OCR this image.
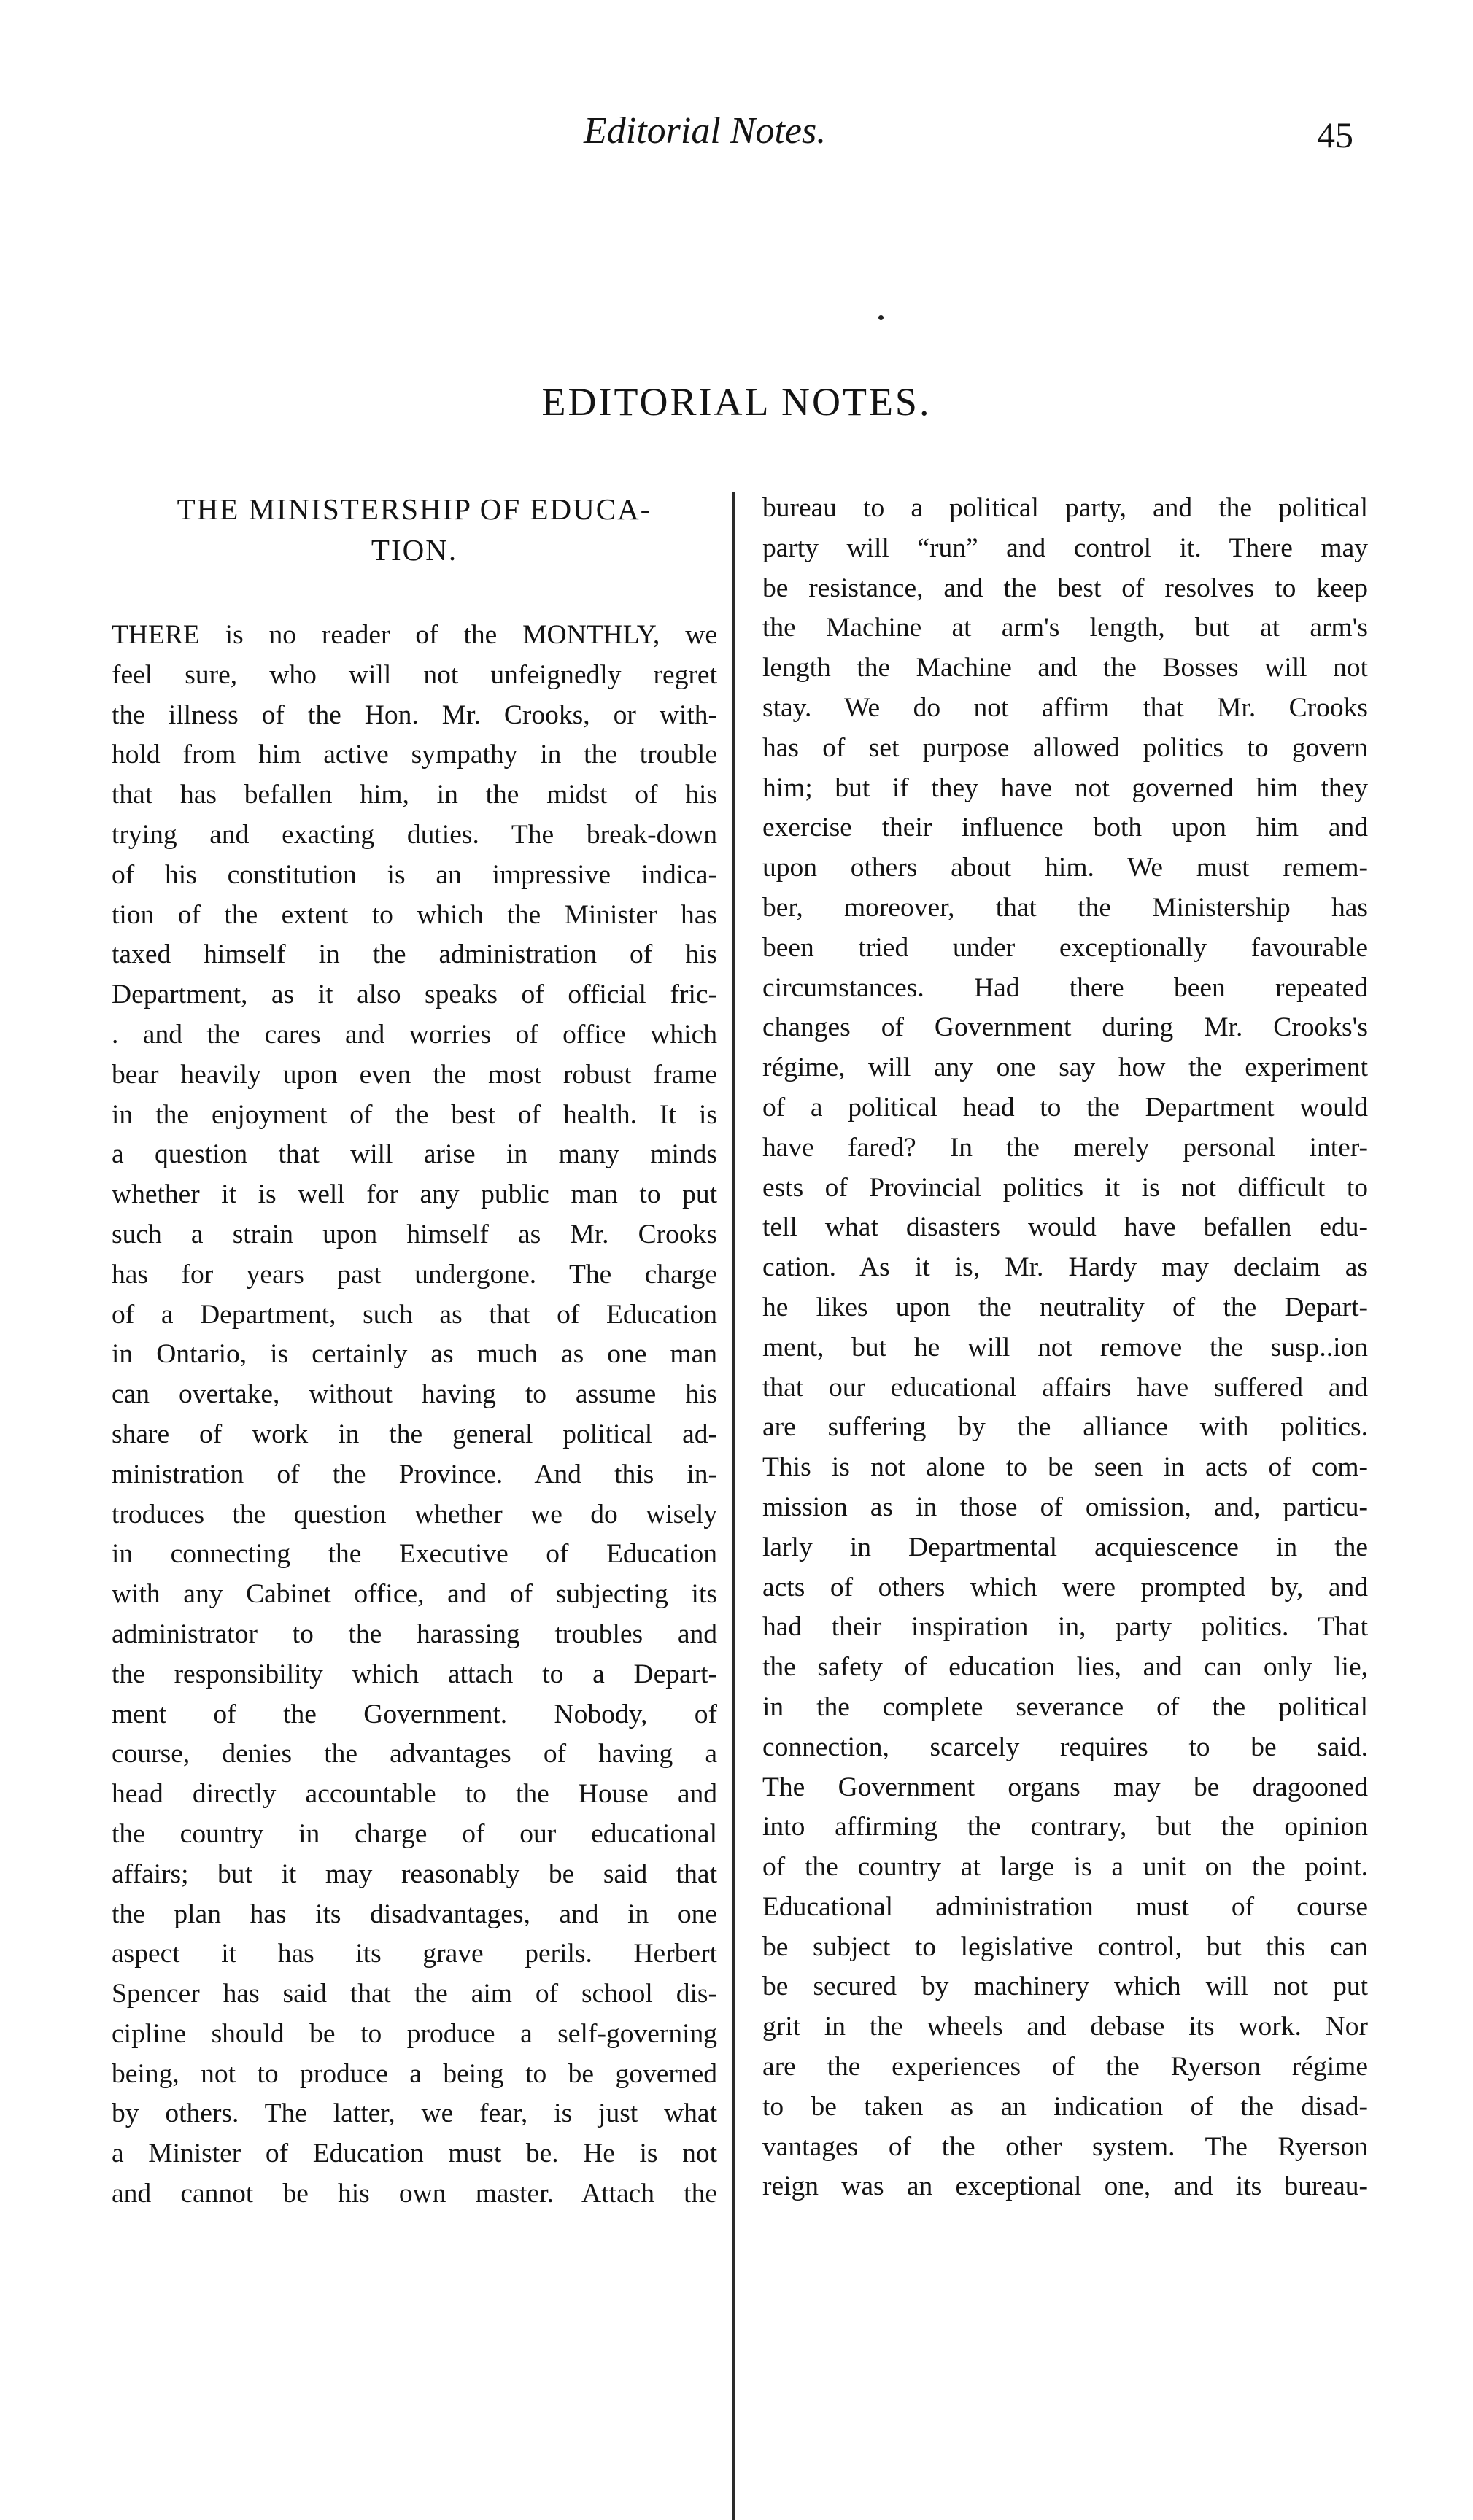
Editorial Notes.	45
EDITORIAL NOTES.
THE MINISTERSHIP OF EDUCA-
TION.
THERE is no reader of the MONTHLY, we
feel sure, who will not unfeignedly regret
the illness of the Hon. Mr. Crooks, or with-
hold from him active sympathy in the trouble
that has befallen him, in the midst of his
trying and exacting duties. The break-down
of his constitution is an impressive indica-
tion of the extent to which the Minister has
taxed himself in the administration of his
Department, as it also speaks of official fric-
. and the cares and worries of office which
bear heavily upon even the most robust frame
in the enjoyment of the best of health. It is
a question that will arise in many minds
whether it is well for any public man to put
such a strain upon himself as Mr. Crooks
has for years past undergone. The charge
of a Department, such as that of Education
in Ontario, is certainly as much as one man
can overtake, without having to assume his
share of work in the general political ad-
ministration of the Province. And this in-
troduces the question whether we do wisely
in connecting the Executive of Education
with any Cabinet office, and of subjecting its
administrator to the harassing troubles and
the responsibility which attach to a Depart-
ment of the Government. Nobody, of
course, denies the advantages of having a
head directly accountable to the House and
the country in charge of our educational
affairs; but it may reasonably be said that
the plan has its disadvantages, and in one
aspect it has its grave perils. Herbert
Spencer has said that the aim of school dis-
cipline should be to produce a self-governing
being, not to produce a being to be governed
by others. The latter, we fear, is just what
a Minister of Education must be. He is not
and cannot be his own master. Attach the
bureau to a political party, and the political
party will “run” and control it. There may
be resistance, and the best of resolves to keep
the Machine at arm's length, but at arm's
length the Machine and the Bosses will not
stay. We do not affirm that Mr. Crooks
has of set purpose allowed politics to govern
him; but if they have not governed him they
exercise their influence both upon him and
upon others about him. We must remem-
ber, moreover, that the Ministership has
been tried under exceptionally favourable
circumstances. Had there been repeated
changes of Government during Mr. Crooks's
régime, will any one say how the experiment
of a political head to the Department would
have fared? In the merely personal inter-
ests of Provincial politics it is not difficult to
tell what disasters would have befallen edu-
cation. As it is, Mr. Hardy may declaim as
he likes upon the neutrality of the Depart-
ment, but he will not remove the susp..ion
that our educational affairs have suffered and
are suffering by the alliance with politics.
This is not alone to be seen in acts of com-
mission as in those of omission, and, particu-
larly in Departmental acquiescence in the
acts of others which were prompted by, and
had their inspiration in, party politics. That
the safety of education lies, and can only lie,
in the complete severance of the political
connection, scarcely requires to be said.
The Government organs may be dragooned
into affirming the contrary, but the opinion
of the country at large is a unit on the point.
Educational administration must of course
be subject to legislative control, but this can
be secured by machinery which will not put
grit in the wheels and debase its work. Nor
are the experiences of the Ryerson régime
to be taken as an indication of the disad-
vantages of the other system. The Ryerson
reign was an exceptional one, and its bureau-
